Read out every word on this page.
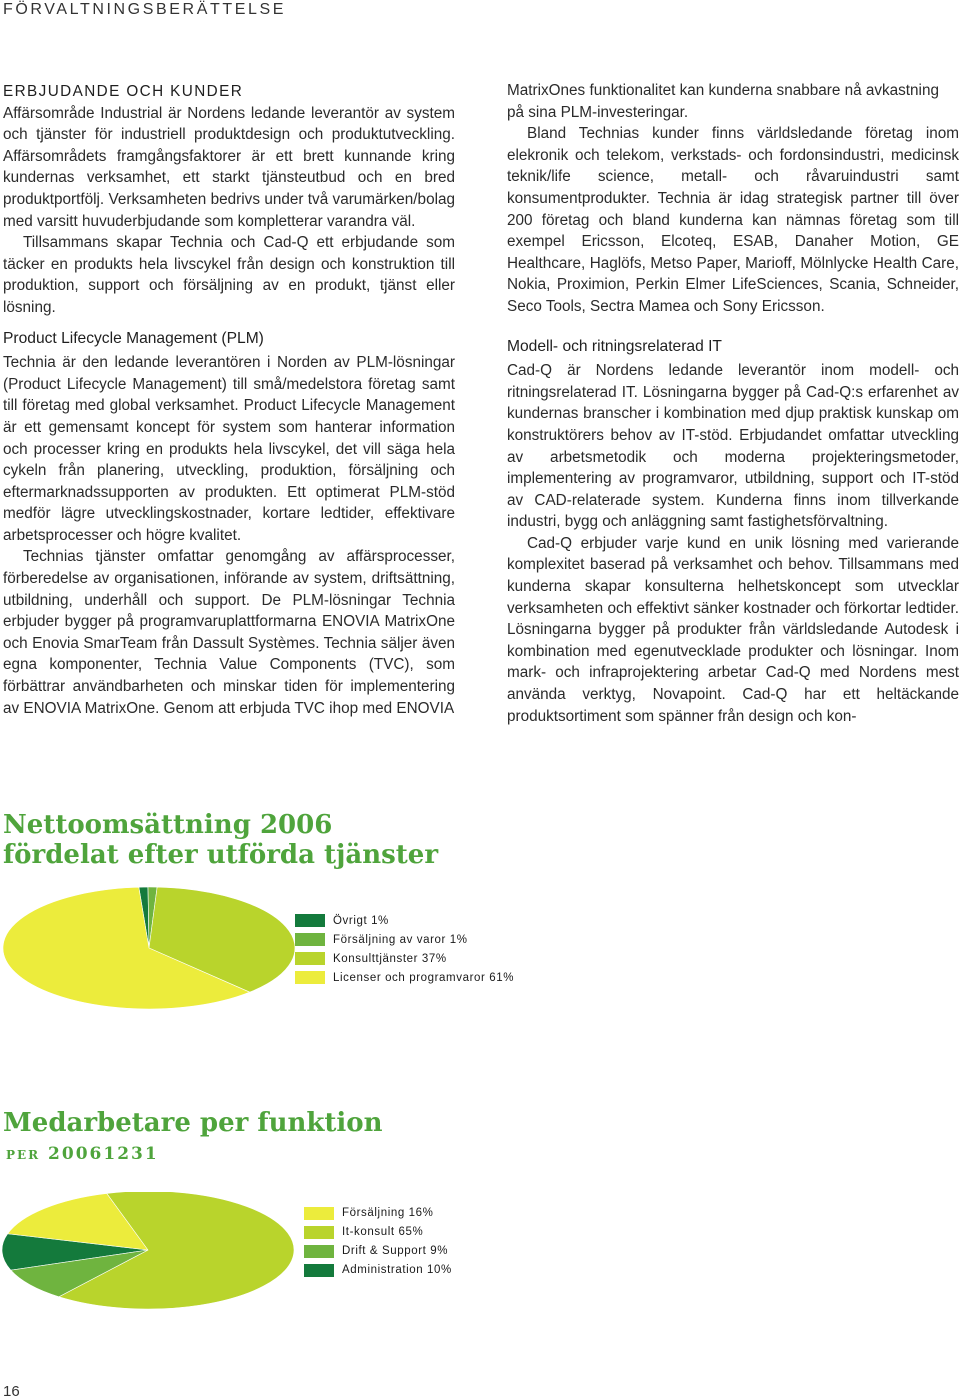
FÖRVALTNINGSBERÄTTELSE
ERBJUDANDE OCH KUNDER

Affärsområde Industrial är Nordens ledande leverantör av system och tjänster för industriell produktdesign och produktutveckling. Affärsområdets framgångsfaktorer är ett brett kunnande kring kundernas verksamhet, ett starkt tjänsteutbud och en bred produktportfölj. Verksamheten bedrivs under två varumärken/bolag med varsitt huvuderbjudande som kompletterar varandra väl.

Tillsammans skapar Technia och Cad-Q ett erbjudande som täcker en produkts hela livscykel från design och konstruktion till produktion, support och försäljning av en produkt, tjänst eller lösning.

Product Lifecycle Management (PLM)

Technia är den ledande leverantören i Norden av PLM-lösningar (Product Lifecycle Management) till små/medelstora företag samt till företag med global verksamhet. Product Lifecycle Management är ett gemensamt koncept för system som hanterar information och processer kring en produkts hela livscykel, det vill säga hela cykeln från planering, utveckling, produktion, försäljning och eftermarknadssupporten av produkten. Ett optimerat PLM-stöd medför lägre utvecklingskostnader, kortare ledtider, effektivare arbetsprocesser och högre kvalitet.

Technias tjänster omfattar genomgång av affärsprocesser, förberedelse av organisationen, införande av system, driftsättning, utbildning, underhåll och support. De PLM-lösningar Technia erbjuder bygger på programvaruplattformarna ENOVIA MatrixOne och Enovia SmarTeam från Dassult Systèmes. Technia säljer även egna komponenter, Technia Value Components (TVC), som förbättrar användbarheten och minskar tiden för implementering av ENOVIA MatrixOne. Genom att erbjuda TVC ihop med ENOVIA

MatrixOnes funktionalitet kan kunderna snabbare nå avkastning på sina PLM-investeringar.

Bland Technias kunder finns världsledande företag inom elekronik och telekom, verkstads- och fordonsindustri, medicinsk teknik/life science, metall- och råvaruindustri samt konsumentprodukter. Technia är idag strategisk partner till över 200 företag och bland kunderna kan nämnas företag som till exempel Ericsson, Elcoteq, ESAB, Danaher Motion, GE Healthcare, Haglöfs, Metso Paper, Marioff, Mölnlycke Health Care, Nokia, Proximion, Perkin Elmer LifeSciences, Scania, Schneider, Seco Tools, Sectra Mamea och Sony Ericsson.

Modell- och ritningsrelaterad IT

Cad-Q är Nordens ledande leverantör inom modell- och ritningsrelaterad IT. Lösningarna bygger på Cad-Q:s erfarenhet av kundernas branscher i kombination med djup praktisk kunskap om konstruktörers behov av IT-stöd. Erbjudandet omfattar utveckling av arbetsmetodik och moderna projekteringsmetoder, implementering av programvaror, utbildning, support och IT-stöd av CAD-relaterade system. Kunderna finns inom tillverkande industri, bygg och anläggning samt fastighetsförvaltning.

Cad-Q erbjuder varje kund en unik lösning med varierande komplexitet baserad på verksamhet och behov. Tillsammans med kunderna skapar konsulterna helhetskoncept som utvecklar verksamheten och effektivt sänker kostnader och förkortar ledtider. Lösningarna bygger på produkter från världsledande Autodesk i kombination med egenutvecklade produkter och lösningar. Inom mark- och infraprojektering arbetar Cad-Q med Nordens mest använda verktyg, Novapoint. Cad-Q har ett heltäckande produktsortiment som spänner från design och kon-

Nettoomsättning 2006
fördelat efter utförda tjänster
Övrigt 1%
Försäljning av varor 1%
Konsulttjänster 37%
Licenser och programvaror 61%
Medarbetare per funktion
per 20061231
Försäljning 16%
It-konsult 65%
Drift & Support 9%
Administration 10%
16
